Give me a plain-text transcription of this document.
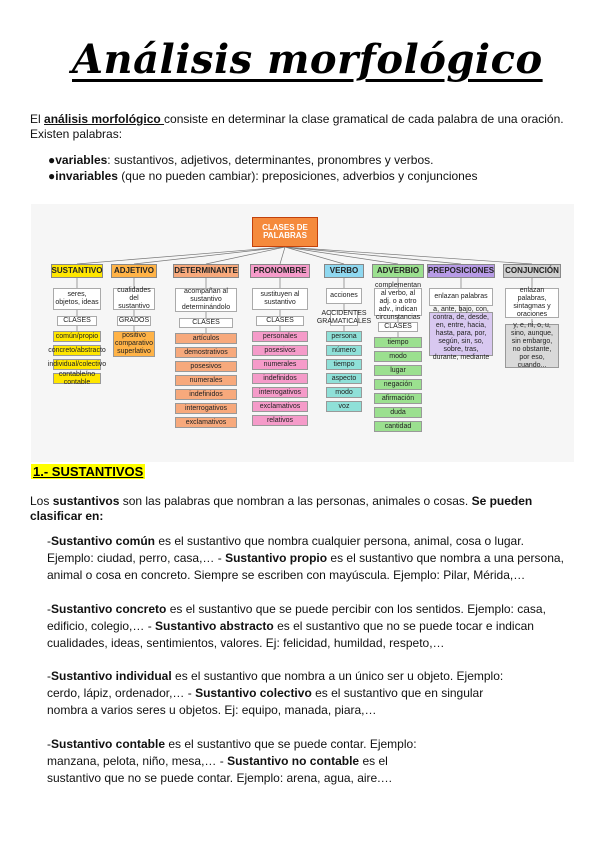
Análisis morfológico
El análisis morfológico consiste en determinar la clase gramatical de cada palabra de una oración.
Existen palabras:
●variables: sustantivos, adjetivos, determinantes, pronombres y verbos.
●invariables (que no pueden cambiar): preposiciones, adverbios y conjunciones
CLASES DE PALABRAS
SUSTANTIVO
seres, objetos, ideas
CLASES
común/propio
concreto/abstracto
individual/colectivo
contable/no contable
ADJETIVO
cualidades del sustantivo
GRADOS
positivo comparativo superlativo
DETERMINANTE
acompañan al sustantivo determinándolo
CLASES
artículos
demostrativos
posesivos
numerales
indefinidos
interrogativos
exclamativos
PRONOMBRE
sustituyen al sustantivo
CLASES
personales
posesivos
numerales
indefinidos
interrogativos
exclamativos
relativos
VERBO
acciones
ACCIDENTES GRAMATICALES
persona
número
tiempo
aspecto
modo
voz
ADVERBIO
complementan al verbo, al adj. o a otro adv., indican circunstancias
CLASES
tiempo
modo
lugar
negación
afirmación
duda
cantidad
PREPOSICIONES
enlazan palabras
a, ante, bajo, con, contra, de, desde, en, entre, hacia, hasta, para, por, según, sin, so, sobre, tras, durante, mediante
CONJUNCIÓN
enlazan palabras, sintagmas y oraciones
y, e, ni, o, u, sino, aunque, sin embargo, no obstante, por eso, cuando...
1.- SUSTANTIVOS
Los sustantivos son las palabras que nombran a las personas, animales o cosas. Se pueden
clasificar en:
-Sustantivo común es el sustantivo que nombra cualquier persona, animal, cosa o lugar.
Ejemplo: ciudad, perro, casa,… - Sustantivo propio es el sustantivo que nombra a una persona,
animal o cosa en concreto. Siempre se escriben con mayúscula. Ejemplo: Pilar, Mérida,…
-Sustantivo concreto es el sustantivo que se puede percibir con los sentidos. Ejemplo: casa,
edificio, colegio,… - Sustantivo abstracto es el sustantivo que no se puede tocar e indican
cualidades, ideas, sentimientos, valores. Ej: felicidad, humildad, respeto,…
-Sustantivo individual es el sustantivo que nombra a un único ser u objeto. Ejemplo:
cerdo, lápiz, ordenador,… - Sustantivo colectivo es el sustantivo que en singular
nombra a varios seres u objetos. Ej: equipo, manada, piara,…
-Sustantivo contable es el sustantivo que se puede contar. Ejemplo:
manzana, pelota, niño, mesa,… - Sustantivo no contable es el
sustantivo que no se puede contar. Ejemplo: arena, agua, aire.…
